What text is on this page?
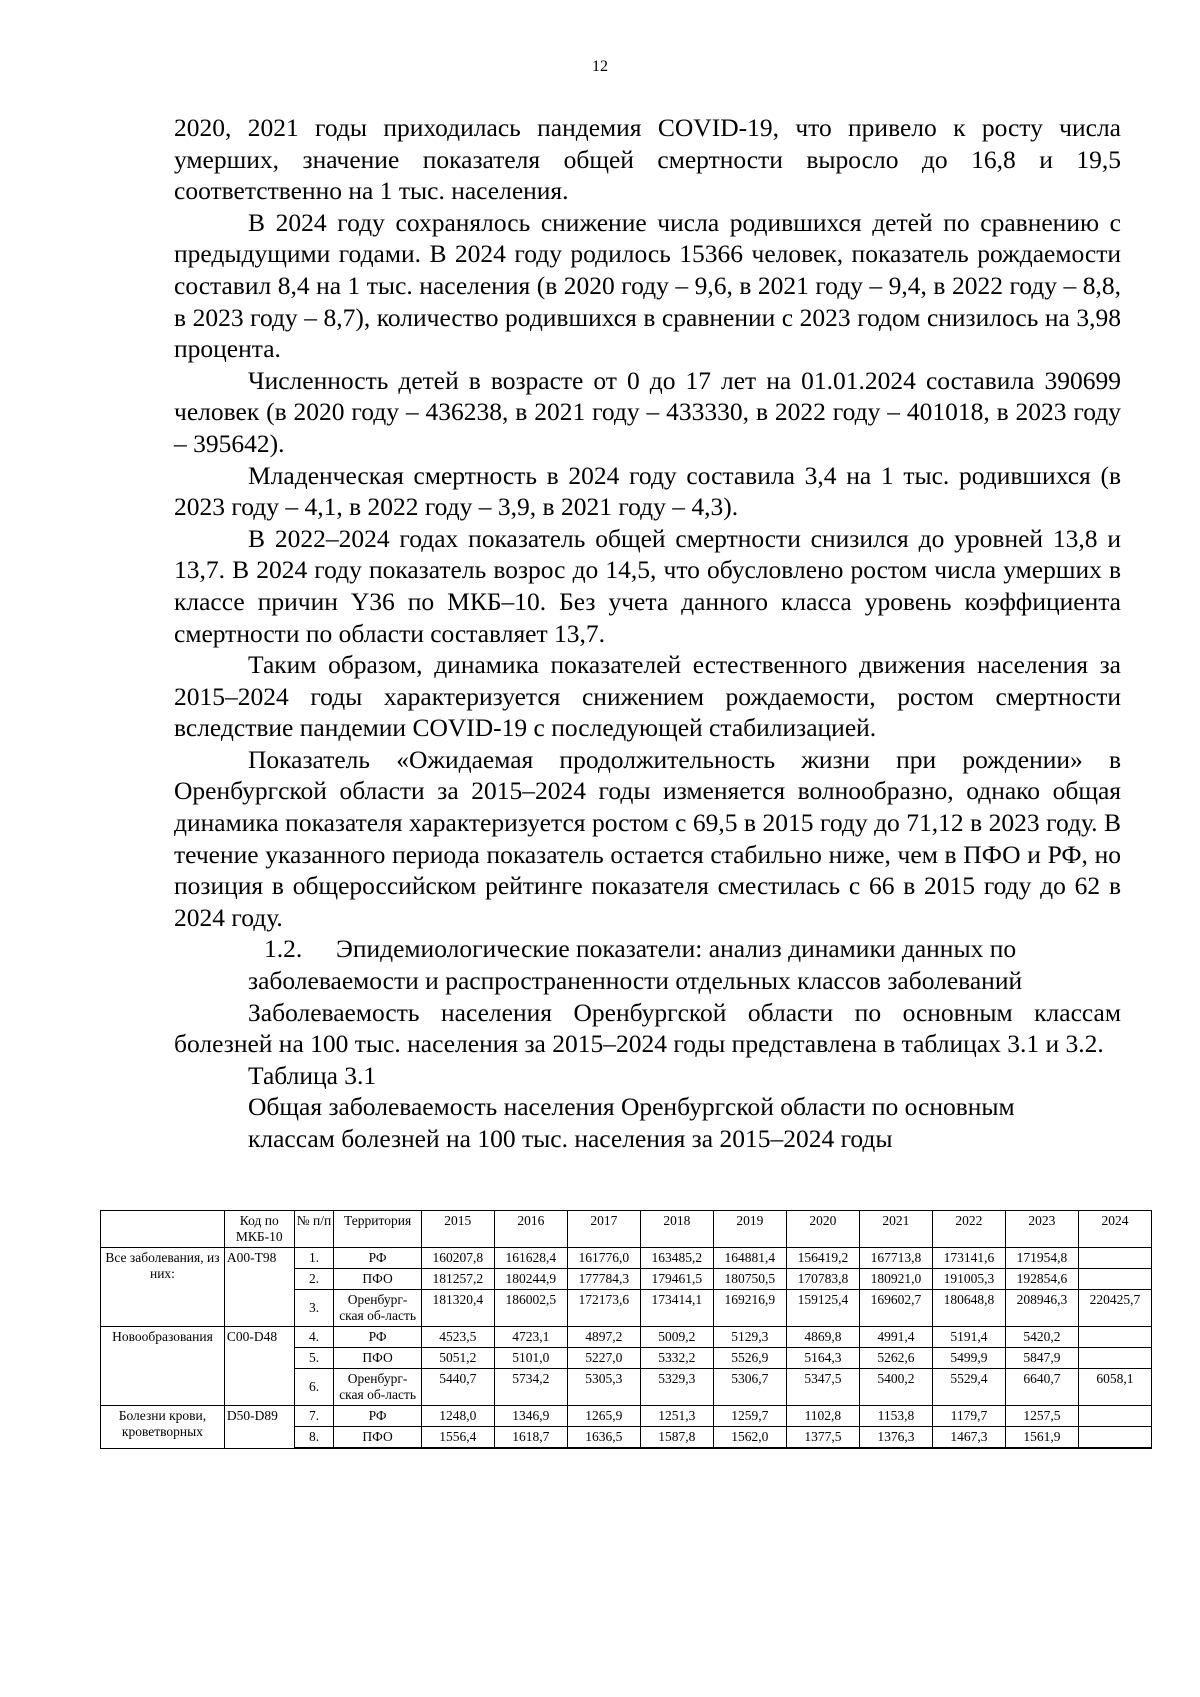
12

2020, 2021 годы приходилась пандемия COVID-19, что привело к росту числа умерших, значение показателя общей смертности выросло до 16,8 и 19,5 соответственно на 1 тыс. населения.

В 2024 году сохранялось снижение числа родившихся детей по сравнению с предыдущими годами. В 2024 году родилось 15366 человек, показатель рождаемости составил 8,4 на 1 тыс. населения (в 2020 году – 9,6, в 2021 году – 9,4, в 2022 году – 8,8, в 2023 году – 8,7), количество родившихся в сравнении с 2023 годом снизилось на 3,98 процента.

Численность детей в возрасте от 0 до 17 лет на 01.01.2024 составила 390699 человек (в 2020 году – 436238, в 2021 году – 433330, в 2022 году – 401018, в 2023 году – 395642).

Младенческая смертность в 2024 году составила 3,4 на 1 тыс. родившихся (в 2023 году – 4,1, в 2022 году – 3,9, в 2021 году – 4,3).

В 2022–2024 годах показатель общей смертности снизился до уровней 13,8 и 13,7. В 2024 году показатель возрос до 14,5, что обусловлено ростом числа умерших в классе причин Y36 по МКБ–10. Без учета данного класса уровень коэффициента смертности по области составляет 13,7.

Таким образом, динамика показателей естественного движения населения за 2015–2024 годы характеризуется снижением рождаемости, ростом смертности вследствие пандемии COVID-19 с последующей стабилизацией.

Показатель «Ожидаемая продолжительность жизни при рождении» в Оренбургской области за 2015–2024 годы изменяется волнообразно, однако общая динамика показателя характеризуется ростом с 69,5 в 2015 году до 71,12 в 2023 году. В течение указанного периода показатель остается стабильно ниже, чем в ПФО и РФ, но позиция в общероссийском рейтинге показателя сместилась с 66 в 2015 году до 62 в 2024 году.

1.2. Эпидемиологические показатели: анализ динамики данных по
заболеваемости и распространенности отдельных классов заболеваний

Заболеваемость населения Оренбургской области по основным классам болезней на 100 тыс. населения за 2015–2024 годы представлена в таблицах 3.1 и 3.2.

Таблица 3.1

Общая заболеваемость населения Оренбургской области по основным

классам болезней на 100 тыс. населения за 2015–2024 годы

	Код по МКБ-10	№ п/п	Территория	2015	2016	2017	2018	2019	2020	2021	2022	2023	2024
Все заболевания, из них:	А00-Т98	1.	РФ	160207,8	161628,4	161776,0	163485,2	164881,4	156419,2	167713,8	173141,6	171954,8	
		2.	ПФО	181257,2	180244,9	177784,3	179461,5	180750,5	170783,8	180921,0	191005,3	192854,6	
		3.	Оренбург-ская об-ласть	181320,4	186002,5	172173,6	173414,1	169216,9	159125,4	169602,7	180648,8	208946,3	220425,7
Новообразования	С00-D48	4.	РФ	4523,5	4723,1	4897,2	5009,2	5129,3	4869,8	4991,4	5191,4	5420,2	
		5.	ПФО	5051,2	5101,0	5227,0	5332,2	5526,9	5164,3	5262,6	5499,9	5847,9	
		6.	Оренбург-ская об-ласть	5440,7	5734,2	5305,3	5329,3	5306,7	5347,5	5400,2	5529,4	6640,7	6058,1
Болезни крови, кроветворных	D50-D89	7.	РФ	1248,0	1346,9	1265,9	1251,3	1259,7	1102,8	1153,8	1179,7	1257,5	
		8.	ПФО	1556,4	1618,7	1636,5	1587,8	1562,0	1377,5	1376,3	1467,3	1561,9	
